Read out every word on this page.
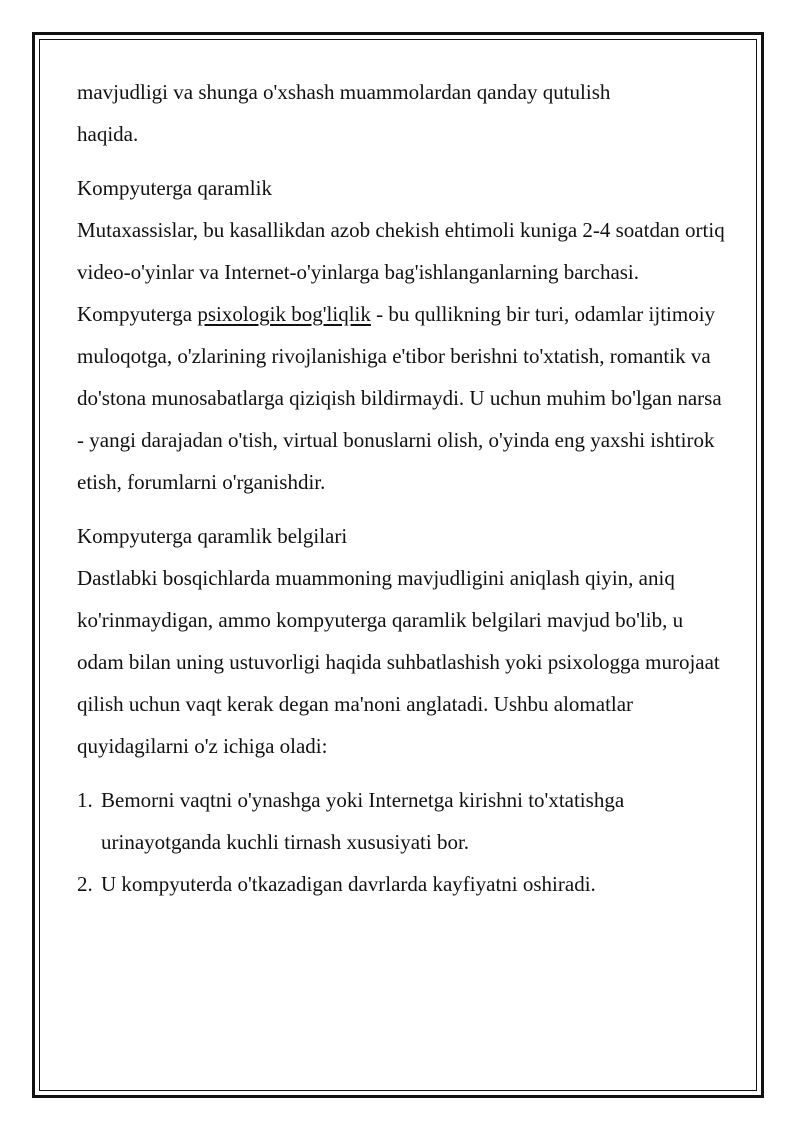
mavjudligi va shunga o'xshash muammolardan qanday qutulish
haqida.

Kompyuterga qaramlik

Mutaxassislar, bu kasallikdan azob chekish ehtimoli kuniga 2-4 soatdan ortiq video-o'yinlar va Internet-o'yinlarga bag'ishlanganlarning barchasi. Kompyuterga psixologik bog'liqlik - bu qullikning bir turi, odamlar ijtimoiy muloqotga, o'zlarining rivojlanishiga e'tibor berishni to'xtatish, romantik va do'stona munosabatlarga qiziqish bildirmaydi. U uchun muhim bo'lgan narsa - yangi darajadan o'tish, virtual bonuslarni olish, o'yinda eng yaxshi ishtirok etish, forumlarni o'rganishdir.

Kompyuterga qaramlik belgilari

Dastlabki bosqichlarda muammoning mavjudligini aniqlash qiyin, aniq ko'rinmaydigan, ammo kompyuterga qaramlik belgilari mavjud bo'lib, u odam bilan uning ustuvorligi haqida suhbatlashish yoki psixologga murojaat qilish uchun vaqt kerak degan ma'noni anglatadi. Ushbu alomatlar quyidagilarni o'z ichiga oladi:

1. Bemorni vaqtni o'ynashga yoki Internetga kirishni to'xtatishga urinayotganda kuchli tirnash xususiyati bor.
2. U kompyuterda o'tkazadigan davrlarda kayfiyatni oshiradi.
